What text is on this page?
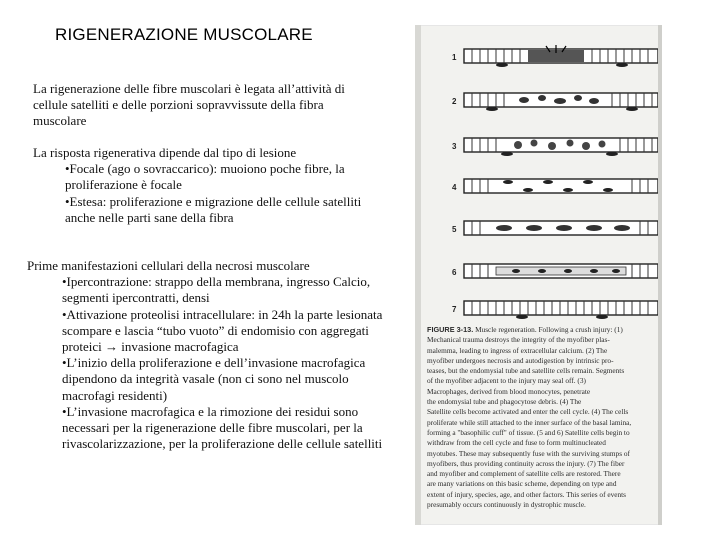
RIGENERAZIONE MUSCOLARE
La rigenerazione delle fibre muscolari è legata all’attività di
cellule satelliti e delle porzioni sopravvissute della fibra
muscolare
La risposta rigenerativa dipende dal tipo di lesione
•Focale (ago o sovraccarico): muoiono poche fibre, la
proliferazione è focale
•Estesa: proliferazione e migrazione delle cellule satelliti
anche nelle parti sane della fibra
Prime manifestazioni cellulari della necrosi muscolare
•Ipercontrazione: strappo della membrana, ingresso Calcio,
segmenti ipercontratti, densi
•Attivazione proteolisi intracellulare: in 24h la parte lesionata
scompare e lascia “tubo vuoto” di endomisio con aggregati
proteici → invasione macrofagica
•L’inizio della proliferazione e dell’invasione macrofagica
dipendono da integrità vasale (non ci sono nel muscolo
macrofagi residenti)
•L’invasione macrofagica e la rimozione dei residui sono
necessari per la rigenerazione delle fibre muscolari, per la
rivascolarizzazione, per la proliferazione delle cellule satelliti
1
2
3
4
5
6
7
FIGURE 3-13. Muscle regeneration. Following a crush injury: (1)
Mechanical trauma destroys the integrity of the myofiber plas-
malemma, leading to ingress of extracellular calcium. (2) The
myofiber undergoes necrosis and autodigestion by intrinsic pro-
teases, but the endomysial tube and satellite cells remain. Segments
of the myofiber adjacent to the injury may seal off. (3)
Macrophages, derived from blood monocytes, penetrate
the endomysial tube and phagocytose debris. (4) The
Satellite cells become activated and enter the cell cycle. (4) The cells
proliferate while still attached to the inner surface of the basal lamina,
forming a "basophilic cuff" of tissue. (5 and 6) Satellite cells begin to
withdraw from the cell cycle and fuse to form multinucleated
myotubes. These may subsequently fuse with the surviving stumps of
myofibers, thus providing continuity across the injury. (7) The fiber
and myofiber and complement of satellite cells are restored. There
are many variations on this basic scheme, depending on type and
extent of injury, species, age, and other factors. This series of events
presumably occurs continuously in dystrophic muscle.
